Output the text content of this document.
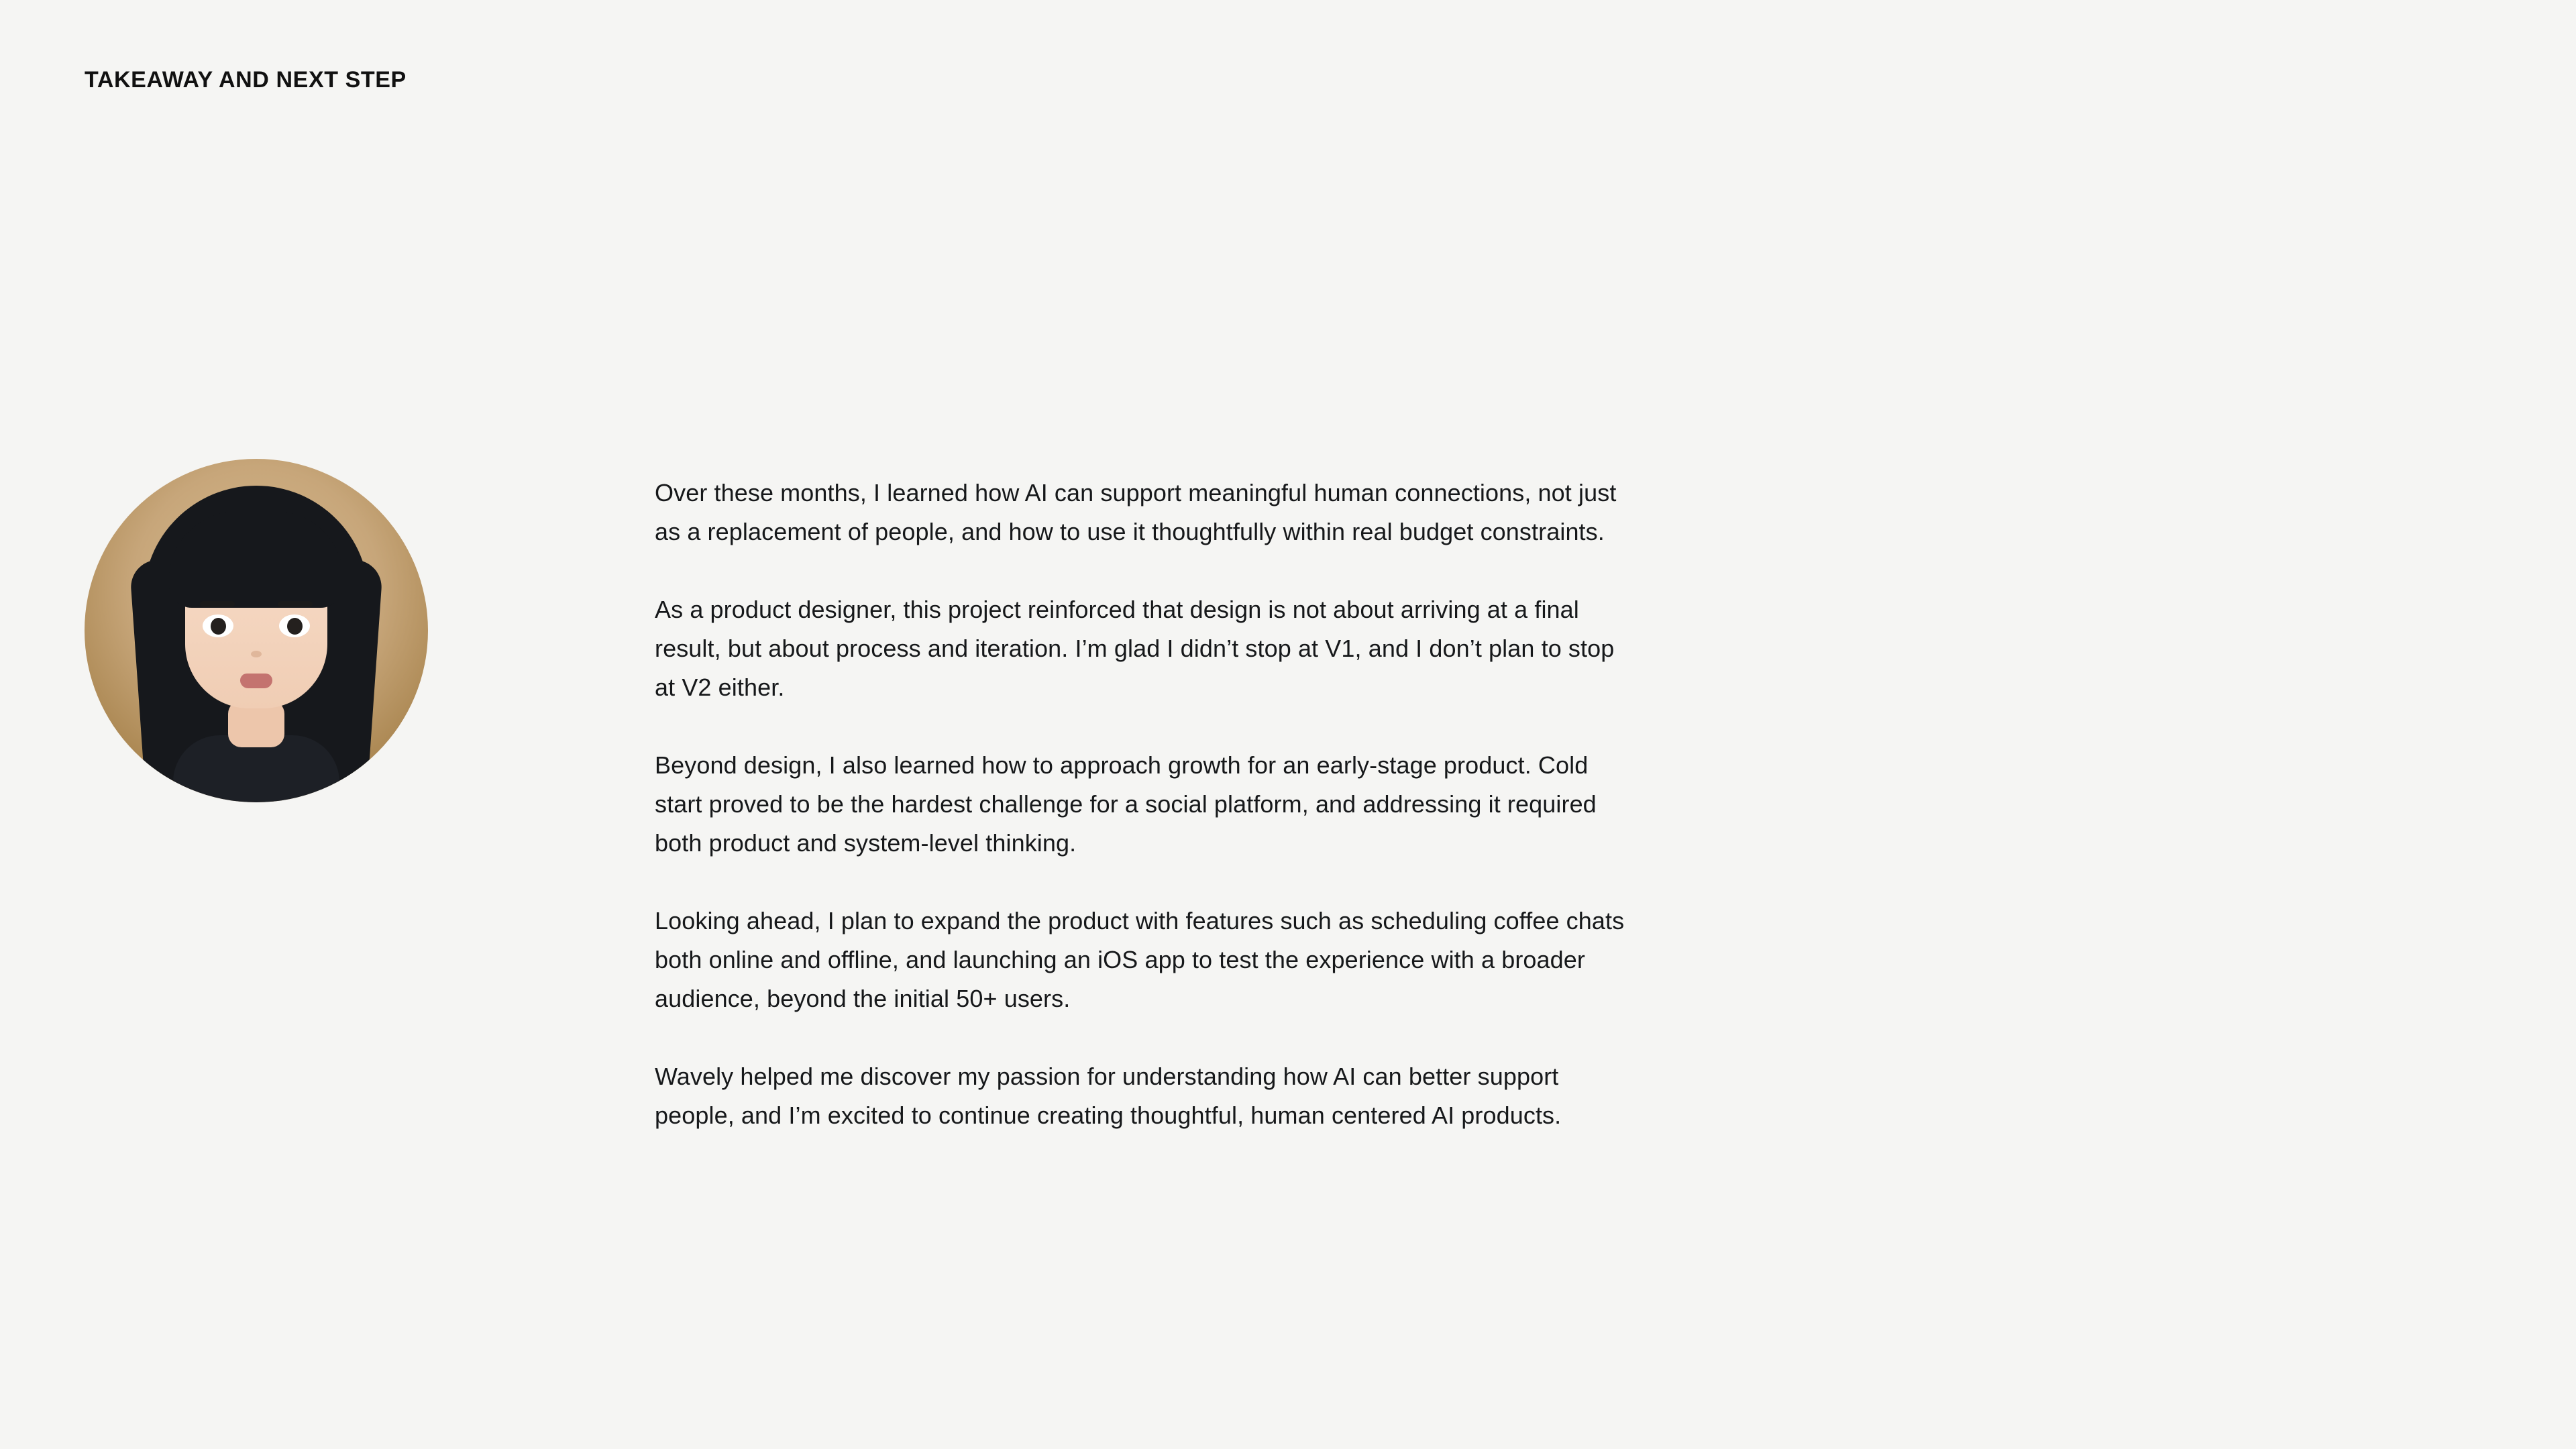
TAKEAWAY AND NEXT STEP

Over these months, I learned how AI can support meaningful human connections, not just as a replacement of people, and how to use it thoughtfully within real budget constraints.

As a product designer, this project reinforced that design is not about arriving at a final result, but about process and iteration. I’m glad I didn’t stop at V1, and I don’t plan to stop at V2 either.

Beyond design, I also learned how to approach growth for an early-stage product. Cold start proved to be the hardest challenge for a social platform, and addressing it required both product and system-level thinking.

Looking ahead, I plan to expand the product with features such as scheduling coffee chats both online and offline, and launching an iOS app to test the experience with a broader audience, beyond the initial 50+ users.

Wavely helped me discover my passion for understanding how AI can better support people, and I’m excited to continue creating thoughtful, human centered AI products.
